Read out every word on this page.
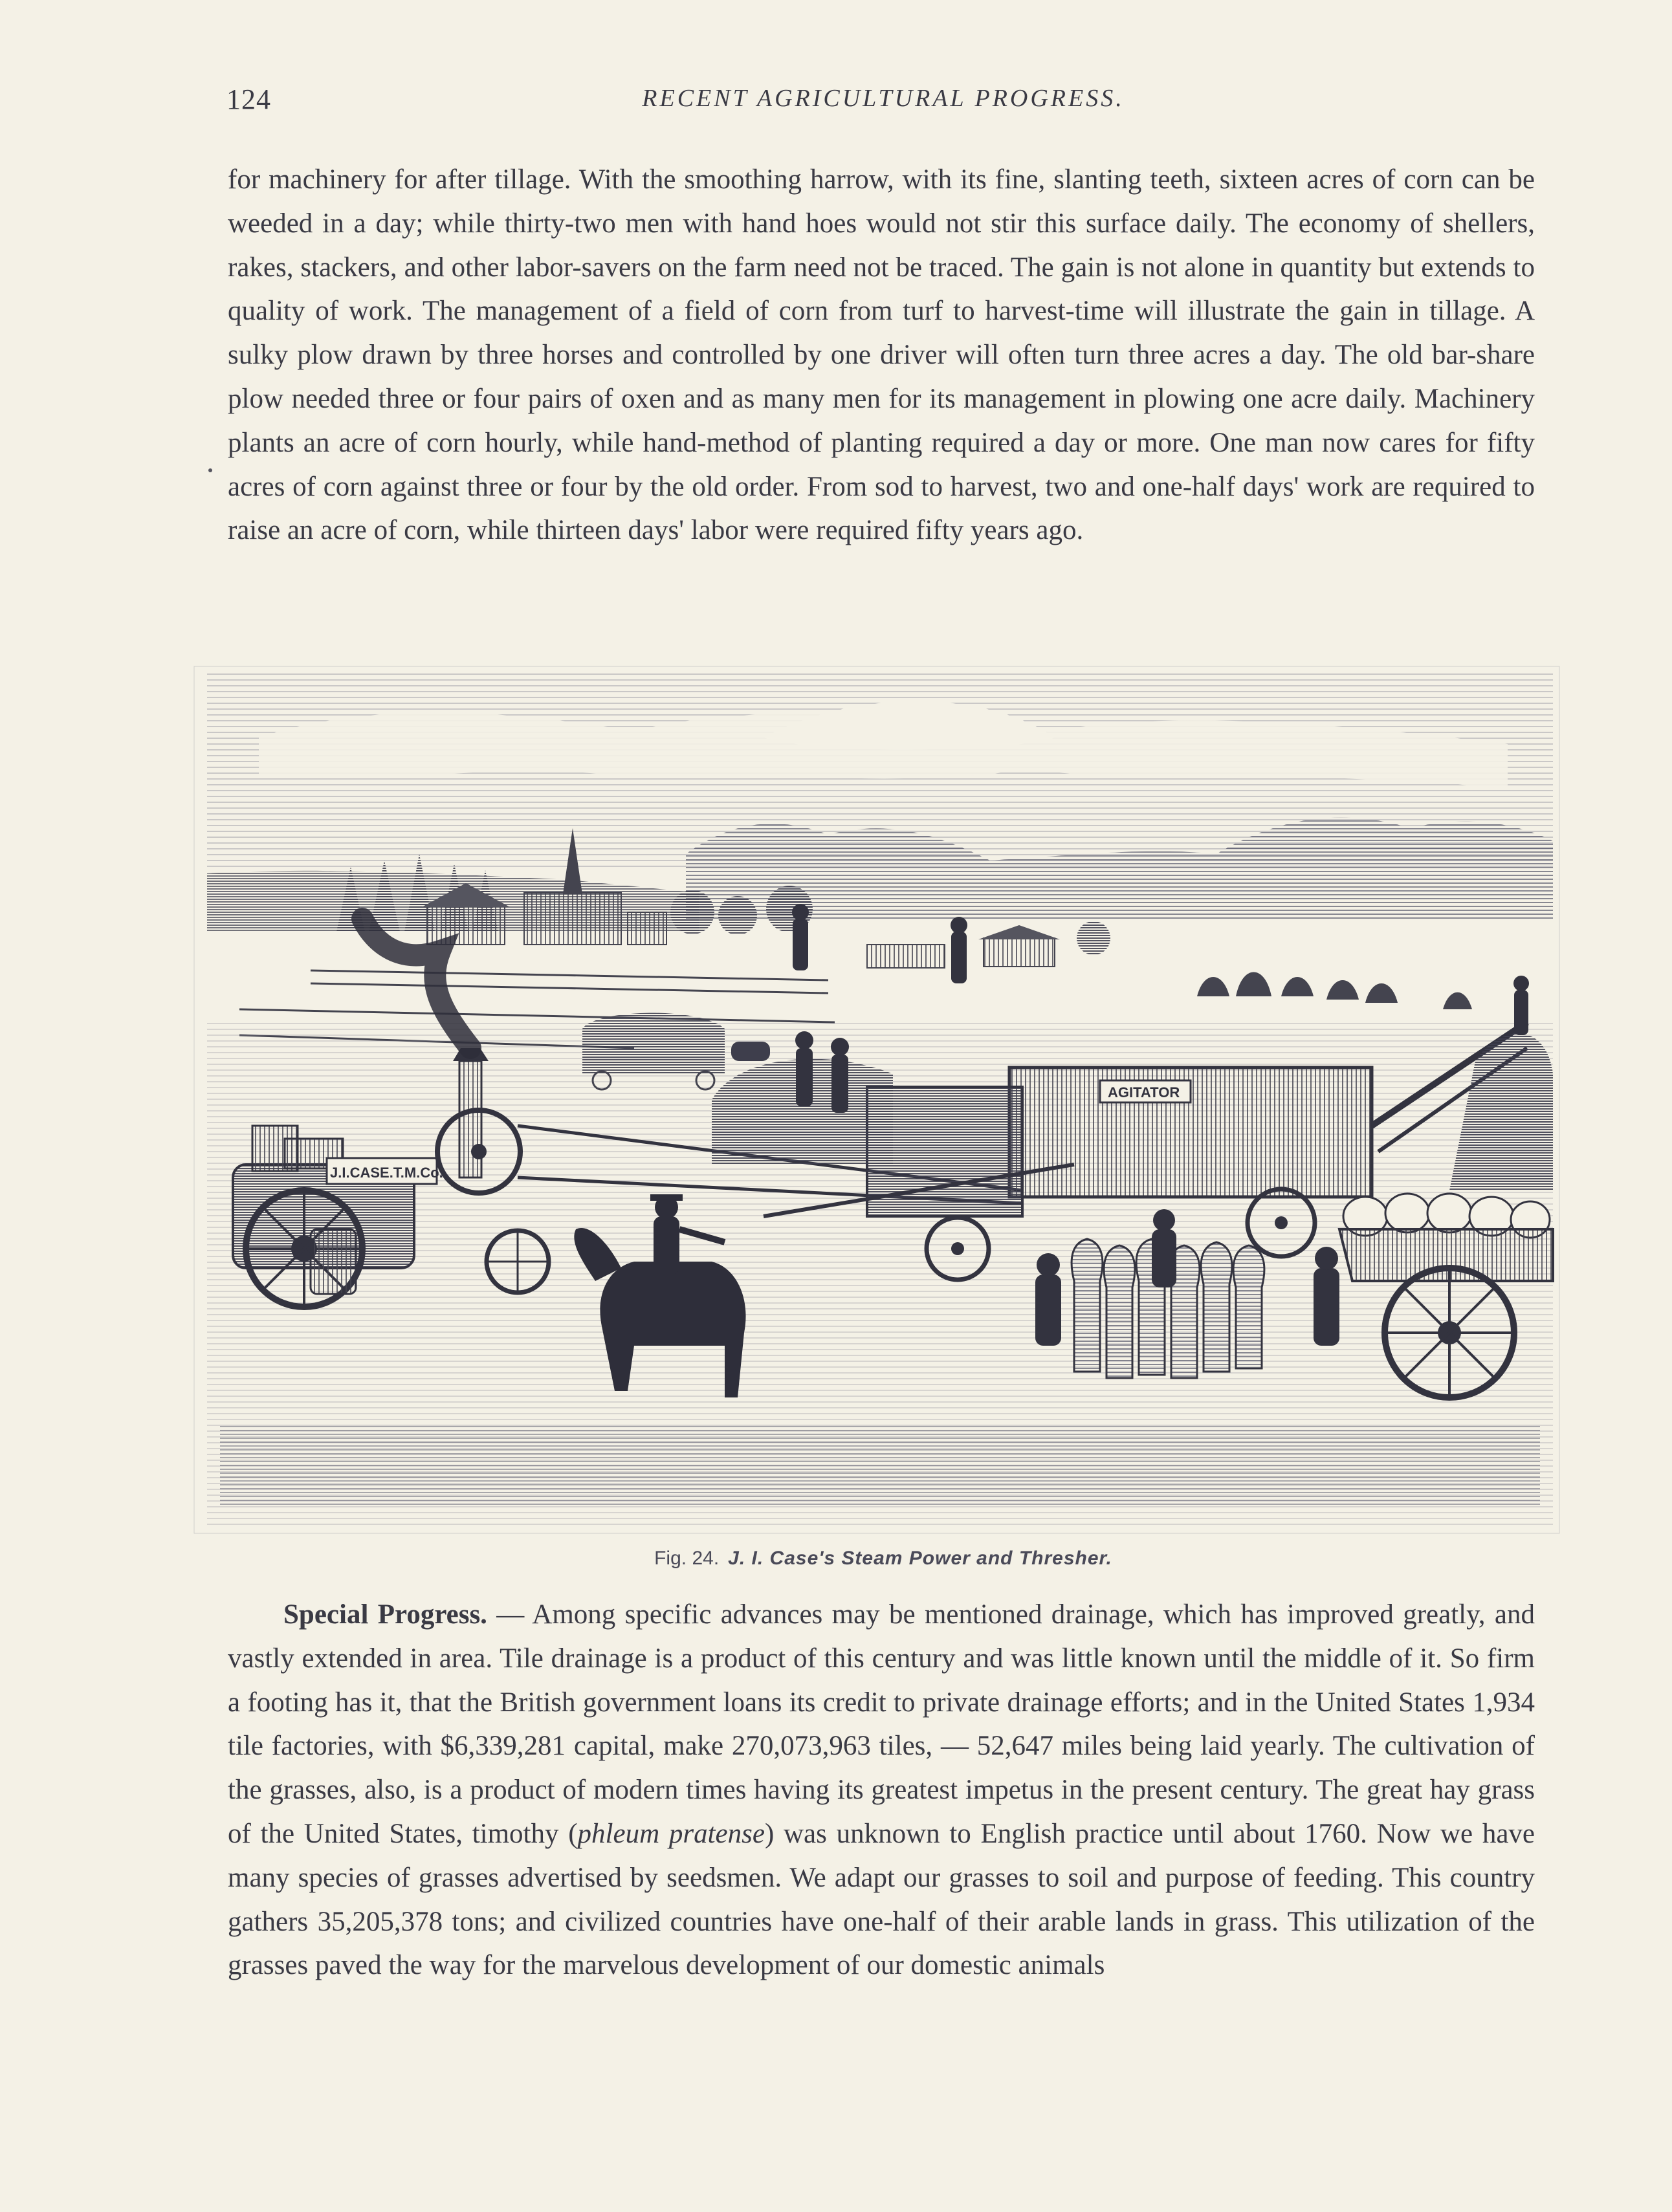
124	RECENT AGRICULTURAL PROGRESS.

for machinery for after tillage. With the smoothing harrow, with its fine, slanting teeth, sixteen acres of corn can be weeded in a day; while thirty-two men with hand hoes would not stir this surface daily. The economy of shellers, rakes, stackers, and other labor-savers on the farm need not be traced. The gain is not alone in quantity but extends to quality of work. The management of a field of corn from turf to harvest-time will illustrate the gain in tillage. A sulky plow drawn by three horses and controlled by one driver will often turn three acres a day. The old bar-share plow needed three or four pairs of oxen and as many men for its management in plowing one acre daily. Machinery plants an acre of corn hourly, while hand-method of planting required a day or more. One man now cares for fifty acres of corn against three or four by the old order. From sod to harvest, two and one-half days' work are required to raise an acre of corn, while thirteen days' labor were required fifty years ago.

J.I.CASE.T.M.Co.
AGITATOR
Fig. 24. J. I. Case's Steam Power and Thresher.

Special Progress. — Among specific advances may be mentioned drainage, which has improved greatly, and vastly extended in area. Tile drainage is a product of this century and was little known until the middle of it. So firm a footing has it, that the British government loans its credit to private drainage efforts; and in the United States 1,934 tile factories, with $6,339,281 capital, make 270,073,963 tiles, — 52,647 miles being laid yearly. The cultivation of the grasses, also, is a product of modern times having its greatest impetus in the present century. The great hay grass of the United States, timothy (phleum pratense) was unknown to English practice until about 1760. Now we have many species of grasses advertised by seedsmen. We adapt our grasses to soil and purpose of feeding. This country gathers 35,205,378 tons; and civilized countries have one-half of their arable lands in grass. This utilization of the grasses paved the way for the marvelous development of our domestic animals
